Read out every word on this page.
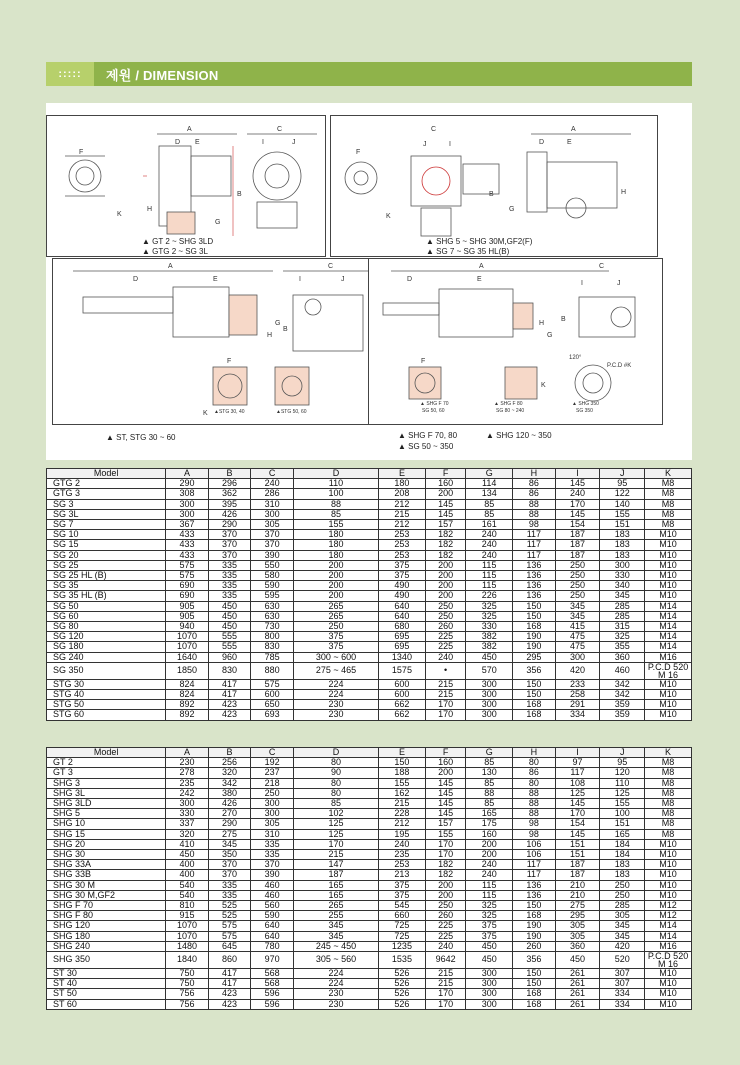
:::::	제원 / DIMENSION
D E
A
I	J
C
F
B
H
K
G
▲ GT 2 ~ SHG 3LD
▲ GTG 2 ~ SG 3L
C	A
D	E
J	I
F
K
H
B
G
▲ SHG 5 ~ SHG 30M,GF2(F)
▲ SG 7 ~ SG 35 HL(B)
A	C
D	E	I	J
H
G
B
F
K ▲STG 30, 40	▲STG 50, 60
▲ ST, STG 30 ~ 60
A	C
D	E
I	J
H
G
B
F
K
120°
P.C.D #K
▲ SHG F 70
SG 50, 60
▲ SHG F 80
SG 80 ~ 240
▲ SHG 350
SG 350
▲ SHG F 70, 80	▲ SHG 120 ~ 350
▲ SG 50 ~ 350
Model	A	B	C	D	E	F	G	H	I	J	K
GTG 2	290	296	240	110	180	160	114	86	145	95	M8
GTG 3	308	362	286	100	208	200	134	86	240	122	M8
SG 3	300	395	310	88	212	145	85	88	170	140	M8
SG 3L	300	426	300	85	215	145	85	88	145	155	M8
SG 7	367	290	305	155	212	157	161	98	154	151	M8
SG 10	433	370	370	180	253	182	240	117	187	183	M10
SG 15	433	370	370	180	253	182	240	117	187	183	M10
SG 20	433	370	390	180	253	182	240	117	187	183	M10
SG 25	575	335	550	200	375	200	115	136	250	300	M10
SG 25 HL (B)	575	335	580	200	375	200	115	136	250	330	M10
SG 35	690	335	590	200	490	200	115	136	250	340	M10
SG 35 HL (B)	690	335	595	200	490	200	226	136	250	345	M10
SG 50	905	450	630	265	640	250	325	150	345	285	M14
SG 60	905	450	630	265	640	250	325	150	345	285	M14
SG 80	940	450	730	250	680	260	330	168	415	315	M14
SG 120	1070	555	800	375	695	225	382	190	475	325	M14
SG 180	1070	555	830	375	695	225	382	190	475	355	M14
SG 240	1640	960	785	300 ~ 600	1340	240	450	295	300	360	M16
SG 350	1850	830	880	275 ~ 465	1575	•	570	356	420	460	P.C.D 520 M 16
STG 30	824	417	575	224	600	215	300	150	233	342	M10
STG 40	824	417	600	224	600	215	300	150	258	342	M10
STG 50	892	423	650	230	662	170	300	168	291	359	M10
STG 60	892	423	693	230	662	170	300	168	334	359	M10
Model	A	B	C	D	E	F	G	H	I	J	K
GT 2	230	256	192	80	150	160	85	80	97	95	M8
GT 3	278	320	237	90	188	200	130	86	117	120	M8
SHG 3	235	342	218	80	155	145	85	80	108	110	M8
SHG 3L	242	380	250	80	162	145	88	88	125	125	M8
SHG 3LD	300	426	300	85	215	145	85	88	145	155	M8
SHG 5	330	270	300	102	228	145	165	88	170	100	M8
SHG 10	337	290	305	125	212	157	175	98	154	151	M8
SHG 15	320	275	310	125	195	155	160	98	145	165	M8
SHG 20	410	345	335	170	240	170	200	106	151	184	M10
SHG 30	450	350	335	215	235	170	200	106	151	184	M10
SHG 33A	400	370	370	147	253	182	240	117	187	183	M10
SHG 33B	400	370	390	187	213	182	240	117	187	183	M10
SHG 30 M	540	335	460	165	375	200	115	136	210	250	M10
SHG 30 M,GF2	540	335	460	165	375	200	115	136	210	250	M10
SHG F 70	810	525	560	265	545	250	325	150	275	285	M12
SHG F 80	915	525	590	255	660	260	325	168	295	305	M12
SHG 120	1070	575	640	345	725	225	375	190	305	345	M14
SHG 180	1070	575	640	345	725	225	375	190	305	345	M14
SHG 240	1480	645	780	245 ~ 450	1235	240	450	260	360	420	M16
SHG 350	1840	860	970	305 ~ 560	1535	9642	450	356	450	520	P.C.D 520 M 16
ST 30	750	417	568	224	526	215	300	150	261	307	M10
ST 40	750	417	568	224	526	215	300	150	261	307	M10
ST 50	756	423	596	230	526	170	300	168	261	334	M10
ST 60	756	423	596	230	526	170	300	168	261	334	M10
